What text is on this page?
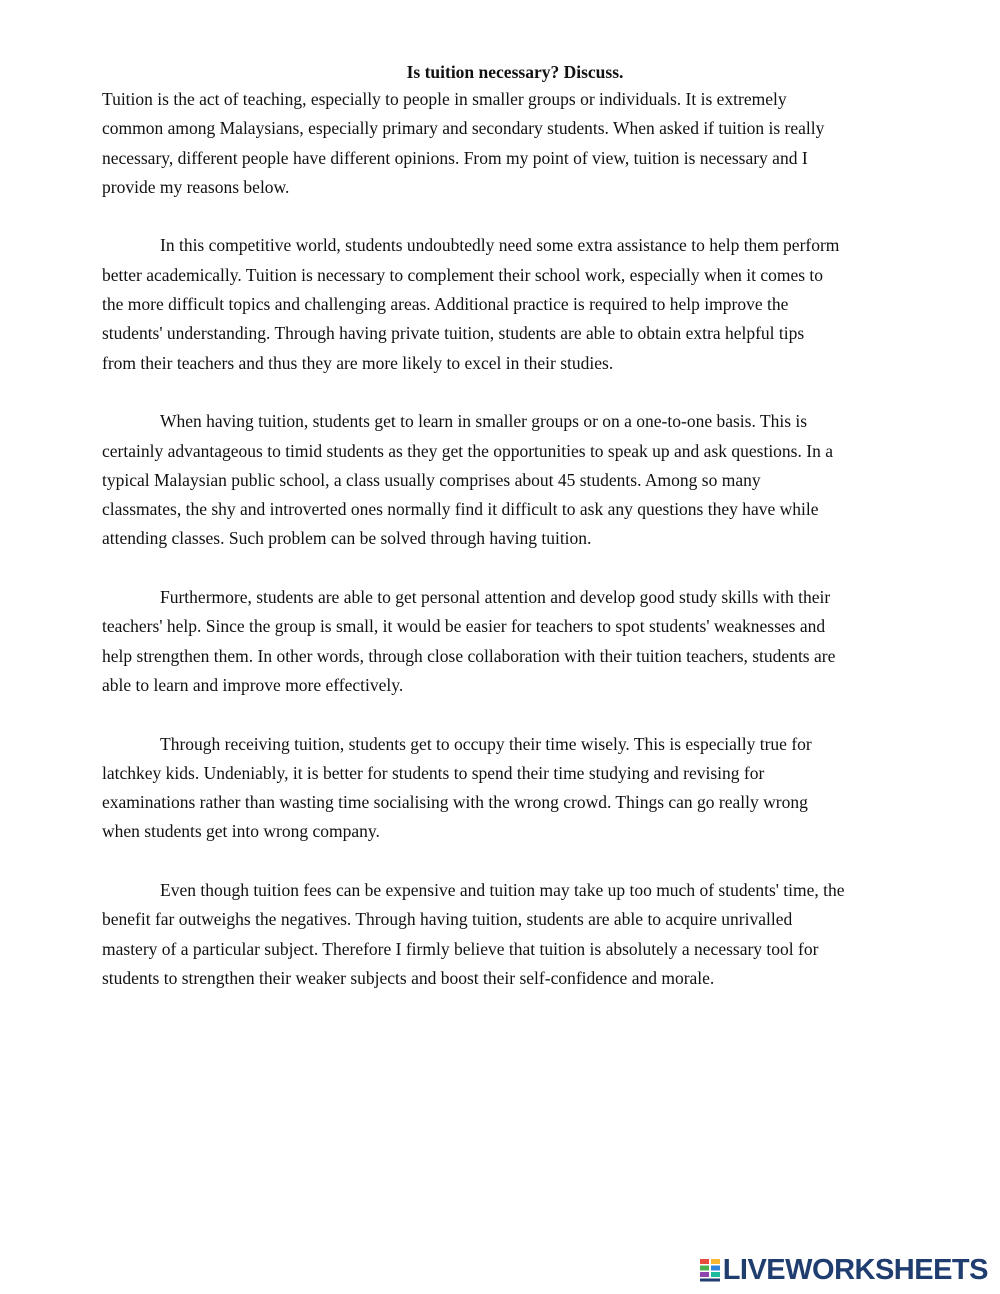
Is tuition necessary? Discuss.

Tuition is the act of teaching, especially to people in smaller groups or individuals. It is extremely
common among Malaysians, especially primary and secondary students. When asked if tuition is really
necessary, different people have different opinions. From my point of view, tuition is necessary and I
provide my reasons below.

In this competitive world, students undoubtedly need some extra assistance to help them perform
better academically. Tuition is necessary to complement their school work, especially when it comes to
the more difficult topics and challenging areas. Additional practice is required to help improve the
students' understanding. Through having private tuition, students are able to obtain extra helpful tips
from their teachers and thus they are more likely to excel in their studies.

When having tuition, students get to learn in smaller groups or on a one-to-one basis. This is
certainly advantageous to timid students as they get the opportunities to speak up and ask questions. In a
typical Malaysian public school, a class usually comprises about 45 students. Among so many
classmates, the shy and introverted ones normally find it difficult to ask any questions they have while
attending classes. Such problem can be solved through having tuition.

Furthermore, students are able to get personal attention and develop good study skills with their
teachers' help. Since the group is small, it would be easier for teachers to spot students' weaknesses and
help strengthen them. In other words, through close collaboration with their tuition teachers, students are
able to learn and improve more effectively.

Through receiving tuition, students get to occupy their time wisely. This is especially true for
latchkey kids. Undeniably, it is better for students to spend their time studying and revising for
examinations rather than wasting time socialising with the wrong crowd. Things can go really wrong
when students get into wrong company.

Even though tuition fees can be expensive and tuition may take up too much of students' time, the
benefit far outweighs the negatives. Through having tuition, students are able to acquire unrivalled
mastery of a particular subject. Therefore I firmly believe that tuition is absolutely a necessary tool for
students to strengthen their weaker subjects and boost their self-confidence and morale.

LIVEWORKSHEETS
